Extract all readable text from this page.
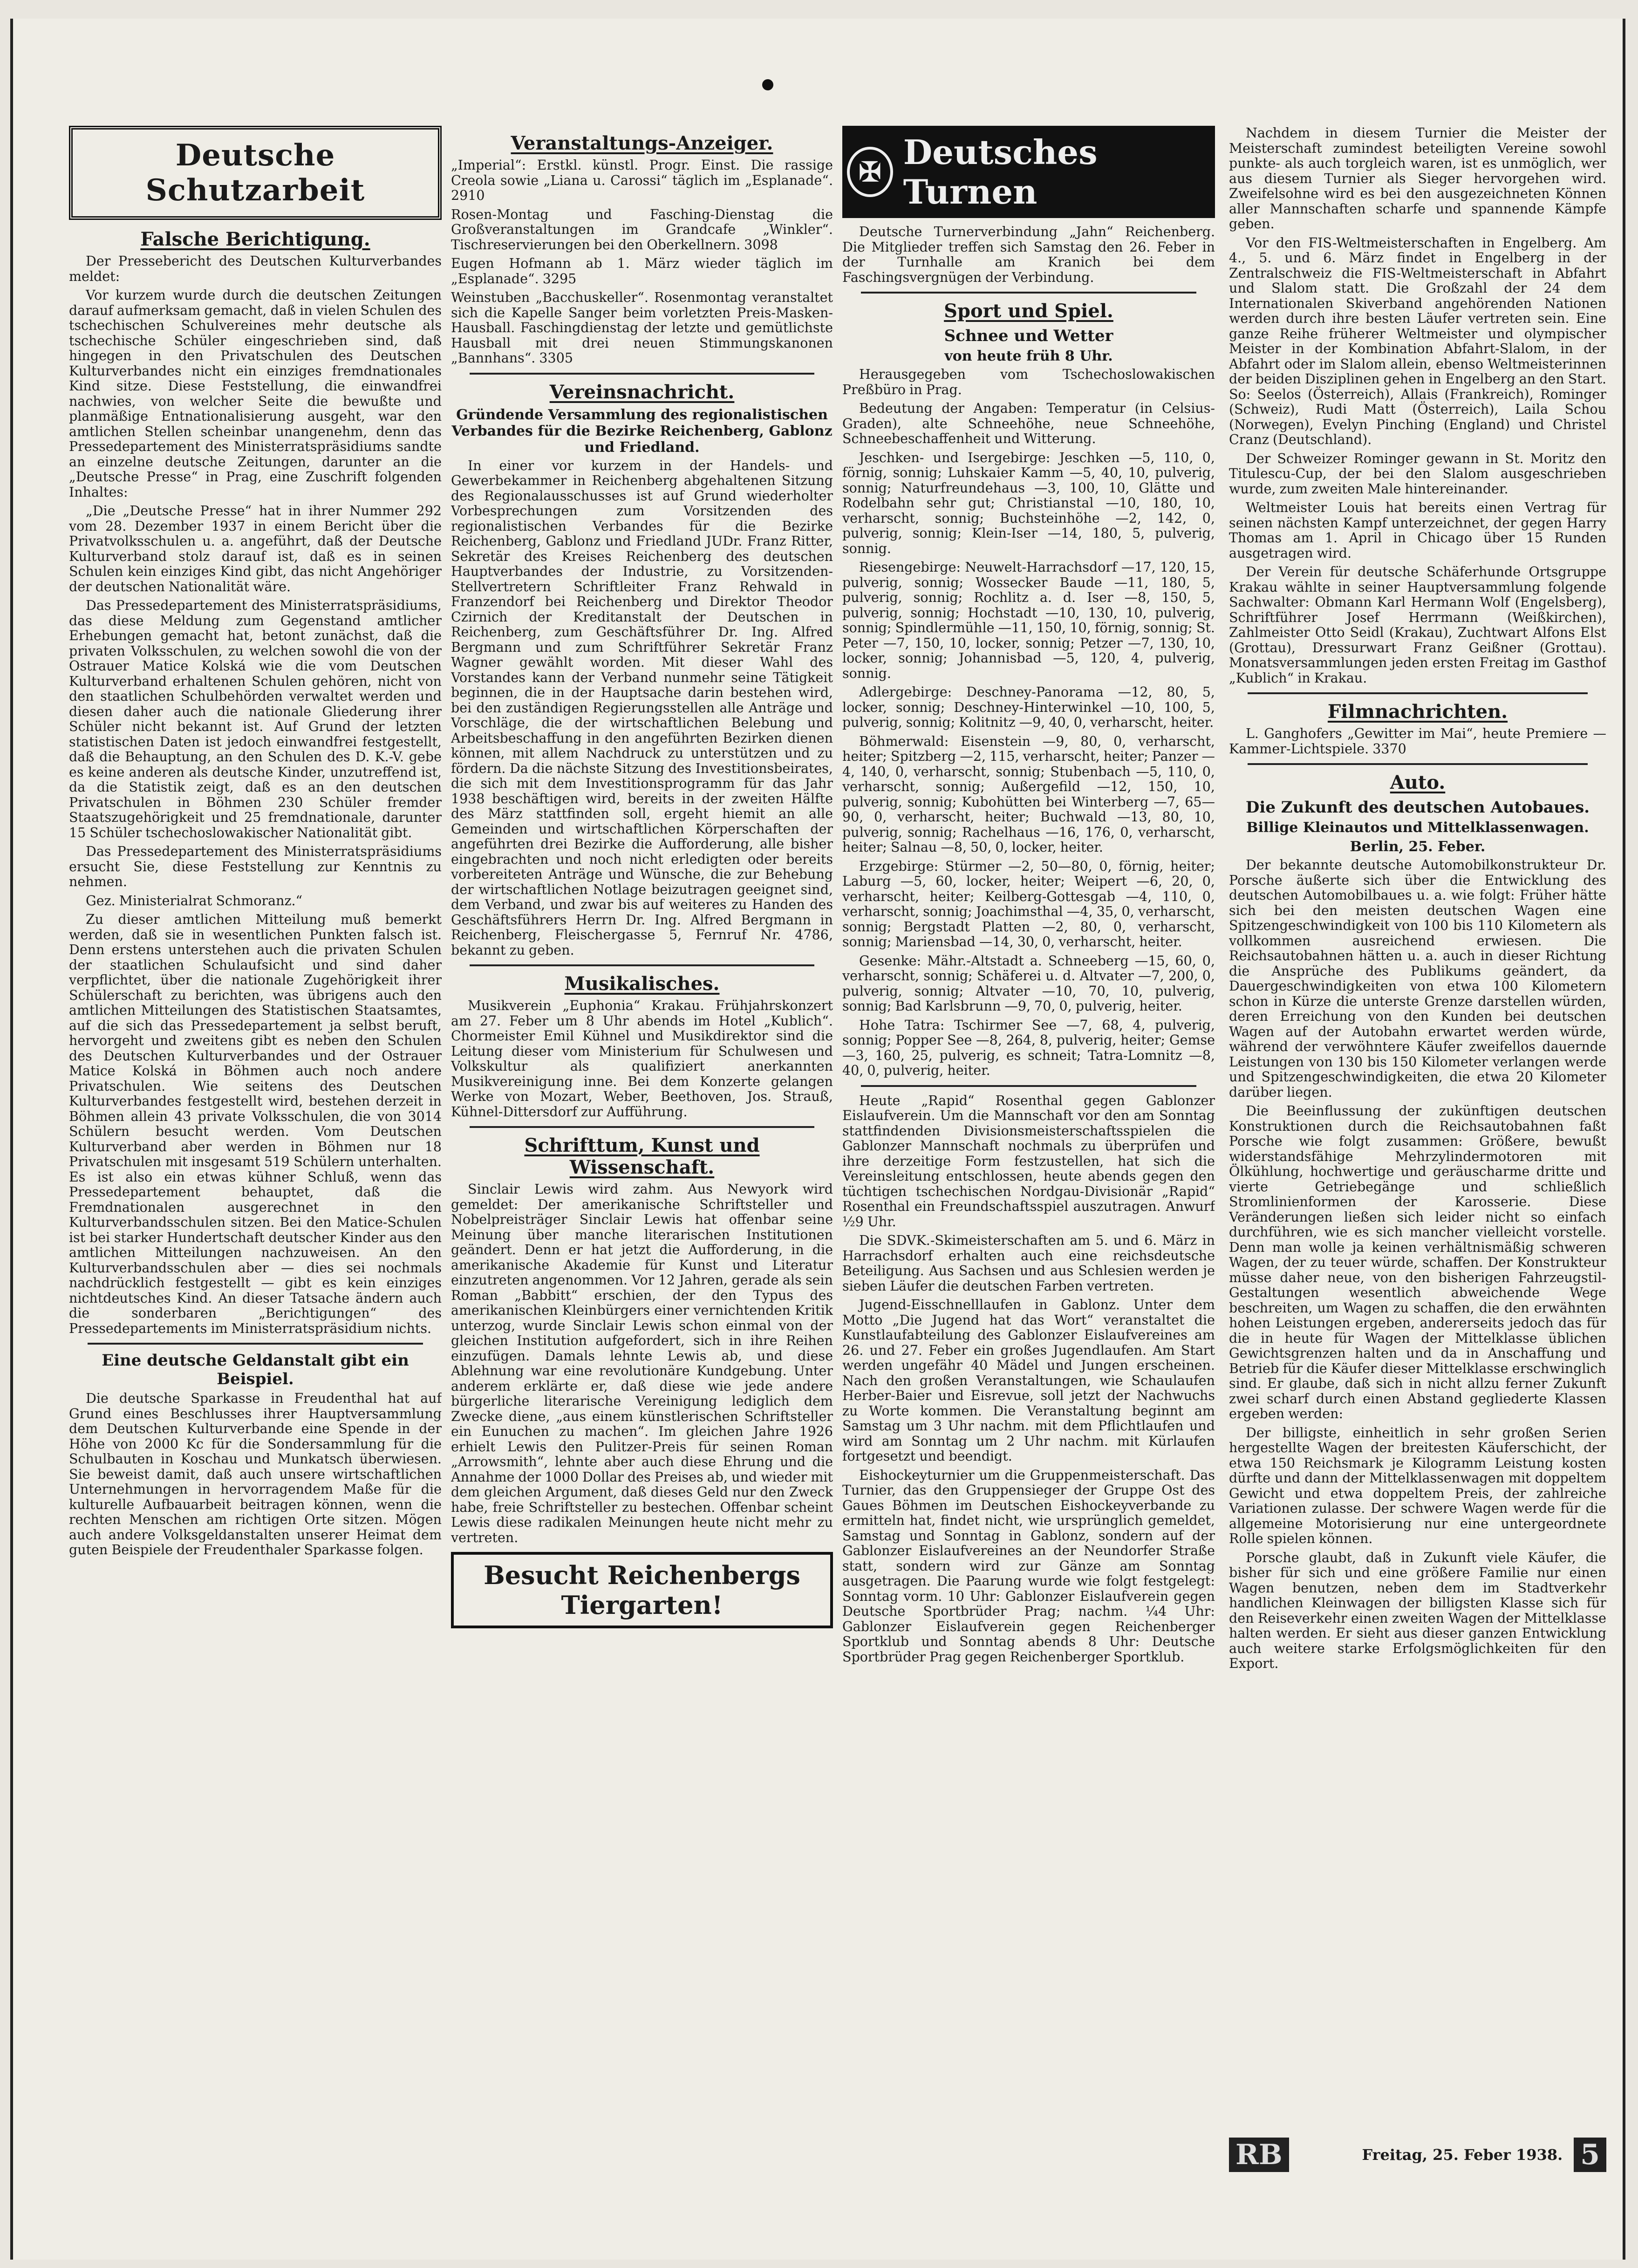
Deutsche Schutzarbeit
Falsche Berichtigung.

Der Pressebericht des Deutschen Kulturverbandes meldet:

Vor kurzem wurde durch die deutschen Zeitungen darauf aufmerksam gemacht, daß in vielen Schulen des tschechischen Schulvereines mehr deutsche als tschechische Schüler eingeschrieben sind, daß hingegen in den Privatschulen des Deutschen Kulturverbandes nicht ein einziges fremdnationales Kind sitze. Diese Feststellung, die einwandfrei nachwies, von welcher Seite die bewußte und planmäßige Entnationalisierung ausgeht, war den amtlichen Stellen scheinbar unangenehm, denn das Pressedepartement des Ministerratspräsidiums sandte an einzelne deutsche Zeitungen, darunter an die „Deutsche Presse“ in Prag, eine Zuschrift folgenden Inhaltes:

„Die „Deutsche Presse“ hat in ihrer Nummer 292 vom 28. Dezember 1937 in einem Bericht über die Privatvolksschulen u. a. angeführt, daß der Deutsche Kulturverband stolz darauf ist, daß es in seinen Schulen kein einziges Kind gibt, das nicht Angehöriger der deutschen Nationalität wäre.

Das Pressedepartement des Ministerratspräsidiums, das diese Meldung zum Gegenstand amtlicher Erhebungen gemacht hat, betont zunächst, daß die privaten Volksschulen, zu welchen sowohl die von der Ostrauer Matice Kolská wie die vom Deutschen Kulturverband erhaltenen Schulen gehören, nicht von den staatlichen Schulbehörden verwaltet werden und diesen daher auch die nationale Gliederung ihrer Schüler nicht bekannt ist. Auf Grund der letzten statistischen Daten ist jedoch einwandfrei festgestellt, daß die Behauptung, an den Schulen des D. K.-V. gebe es keine anderen als deutsche Kinder, unzutreffend ist, da die Statistik zeigt, daß es an den deutschen Privatschulen in Böhmen 230 Schüler fremder Staatszugehörigkeit und 25 fremdnationale, darunter 15 Schüler tschechoslowakischer Nationalität gibt.

Das Pressedepartement des Ministerratspräsidiums ersucht Sie, diese Feststellung zur Kenntnis zu nehmen.

Gez. Ministerialrat Schmoranz.“

Zu dieser amtlichen Mitteilung muß bemerkt werden, daß sie in wesentlichen Punkten falsch ist. Denn erstens unterstehen auch die privaten Schulen der staatlichen Schulaufsicht und sind daher verpflichtet, über die nationale Zugehörigkeit ihrer Schülerschaft zu berichten, was übrigens auch den amtlichen Mitteilungen des Statistischen Staatsamtes, auf die sich das Pressedepartement ja selbst beruft, hervorgeht und zweitens gibt es neben den Schulen des Deutschen Kulturverbandes und der Ostrauer Matice Kolská in Böhmen auch noch andere Privatschulen. Wie seitens des Deutschen Kulturverbandes festgestellt wird, bestehen derzeit in Böhmen allein 43 private Volksschulen, die von 3014 Schülern besucht werden. Vom Deutschen Kulturverband aber werden in Böhmen nur 18 Privatschulen mit insgesamt 519 Schülern unterhalten. Es ist also ein etwas kühner Schluß, wenn das Pressedepartement behauptet, daß die Fremdnationalen ausgerechnet in den Kulturverbandsschulen sitzen. Bei den Matice-Schulen ist bei starker Hundertschaft deutscher Kinder aus den amtlichen Mitteilungen nachzuweisen. An den Kulturverbandsschulen aber — dies sei nochmals nachdrücklich festgestellt — gibt es kein einziges nichtdeutsches Kind. An dieser Tatsache ändern auch die sonderbaren „Berichtigungen“ des Pressedepartements im Ministerratspräsidium nichts.

Eine deutsche Geldanstalt gibt ein Beispiel.

Die deutsche Sparkasse in Freudenthal hat auf Grund eines Beschlusses ihrer Hauptversammlung dem Deutschen Kulturverbande eine Spende in der Höhe von 2000 Kc für die Sondersammlung für die Schulbauten in Koschau und Munkatsch überwiesen. Sie beweist damit, daß auch unsere wirtschaftlichen Unternehmungen in hervorragendem Maße für die kulturelle Aufbauarbeit beitragen können, wenn die rechten Menschen am richtigen Orte sitzen. Mögen auch andere Volksgeldanstalten unserer Heimat dem guten Beispiele der Freudenthaler Sparkasse folgen.

Veranstaltungs-Anzeiger.

„Imperial“: Erstkl. künstl. Progr. Einst. Die rassige Creola sowie „Liana u. Carossi“ täglich im „Esplanade“. 2910

Rosen-Montag und Fasching-Dienstag die Großveranstaltungen im Grandcafe „Winkler“. Tischreservierungen bei den Oberkellnern. 3098

Eugen Hofmann ab 1. März wieder täglich im „Esplanade“. 3295

Weinstuben „Bacchuskeller“. Rosenmontag veranstaltet sich die Kapelle Sanger beim vorletzten Preis-Masken-Hausball. Faschingdienstag der letzte und gemütlichste Hausball mit drei neuen Stimmungskanonen „Bannhans“. 3305

Vereinsnachricht.
Gründende Versammlung des regionalistischen Verbandes für die Bezirke Reichenberg, Gablonz und Friedland.

In einer vor kurzem in der Handels- und Gewerbekammer in Reichenberg abgehaltenen Sitzung des Regionalausschusses ist auf Grund wiederholter Vorbesprechungen zum Vorsitzenden des regionalistischen Verbandes für die Bezirke Reichenberg, Gablonz und Friedland JUDr. Franz Ritter, Sekretär des Kreises Reichenberg des deutschen Hauptverbandes der Industrie, zu Vorsitzenden-Stellvertretern Schriftleiter Franz Rehwald in Franzendorf bei Reichenberg und Direktor Theodor Czirnich der Kreditanstalt der Deutschen in Reichenberg, zum Geschäftsführer Dr. Ing. Alfred Bergmann und zum Schriftführer Sekretär Franz Wagner gewählt worden. Mit dieser Wahl des Vorstandes kann der Verband nunmehr seine Tätigkeit beginnen, die in der Hauptsache darin bestehen wird, bei den zuständigen Regierungsstellen alle Anträge und Vorschläge, die der wirtschaftlichen Belebung und Arbeitsbeschaffung in den angeführten Bezirken dienen können, mit allem Nachdruck zu unterstützen und zu fördern. Da die nächste Sitzung des Investitionsbeirates, die sich mit dem Investitionsprogramm für das Jahr 1938 beschäftigen wird, bereits in der zweiten Hälfte des März stattfinden soll, ergeht hiemit an alle Gemeinden und wirtschaftlichen Körperschaften der angeführten drei Bezirke die Aufforderung, alle bisher eingebrachten und noch nicht erledigten oder bereits vorbereiteten Anträge und Wünsche, die zur Behebung der wirtschaftlichen Notlage beizutragen geeignet sind, dem Verband, und zwar bis auf weiteres zu Handen des Geschäftsführers Herrn Dr. Ing. Alfred Bergmann in Reichenberg, Fleischergasse 5, Fernruf Nr. 4786, bekannt zu geben.

Musikalisches.

Musikverein „Euphonia“ Krakau. Frühjahrskonzert am 27. Feber um 8 Uhr abends im Hotel „Kublich“. Chormeister Emil Kühnel und Musikdirektor sind die Leitung dieser vom Ministerium für Schulwesen und Volkskultur als qualifiziert anerkannten Musikvereinigung inne. Bei dem Konzerte gelangen Werke von Mozart, Weber, Beethoven, Jos. Strauß, Kühnel-Dittersdorf zur Aufführung.

Schrifttum, Kunst und Wissenschaft.

Sinclair Lewis wird zahm. Aus Newyork wird gemeldet: Der amerikanische Schriftsteller und Nobelpreisträger Sinclair Lewis hat offenbar seine Meinung über manche literarischen Institutionen geändert. Denn er hat jetzt die Aufforderung, in die amerikanische Akademie für Kunst und Literatur einzutreten angenommen. Vor 12 Jahren, gerade als sein Roman „Babbitt“ erschien, der den Typus des amerikanischen Kleinbürgers einer vernichtenden Kritik unterzog, wurde Sinclair Lewis schon einmal von der gleichen Institution aufgefordert, sich in ihre Reihen einzufügen. Damals lehnte Lewis ab, und diese Ablehnung war eine revolutionäre Kundgebung. Unter anderem erklärte er, daß diese wie jede andere bürgerliche literarische Vereinigung lediglich dem Zwecke diene, „aus einem künstlerischen Schriftsteller ein Eunuchen zu machen“. Im gleichen Jahre 1926 erhielt Lewis den Pulitzer-Preis für seinen Roman „Arrowsmith“, lehnte aber auch diese Ehrung und die Annahme der 1000 Dollar des Preises ab, und wieder mit dem gleichen Argument, daß dieses Geld nur den Zweck habe, freie Schriftsteller zu bestechen. Offenbar scheint Lewis diese radikalen Meinungen heute nicht mehr zu vertreten.

Besucht Reichenbergs Tiergarten!
✠ Deutsches Turnen

Deutsche Turnerverbindung „Jahn“ Reichenberg. Die Mitglieder treffen sich Samstag den 26. Feber in der Turnhalle am Kranich bei dem Faschingsvergnügen der Verbindung.

Sport und Spiel.
Schnee und Wetter
von heute früh 8 Uhr.

Herausgegeben vom Tschechoslowakischen Preßbüro in Prag.

Bedeutung der Angaben: Temperatur (in Celsius-Graden), alte Schneehöhe, neue Schneehöhe, Schneebeschaffenheit und Witterung.

Jeschken- und Isergebirge: Jeschken —5, 110, 0, förnig, sonnig; Luhskaier Kamm —5, 40, 10, pulverig, sonnig; Naturfreundehaus —3, 100, 10, Glätte und Rodelbahn sehr gut; Christianstal —10, 180, 10, verharscht, sonnig; Buchsteinhöhe —2, 142, 0, pulverig, sonnig; Klein-Iser —14, 180, 5, pulverig, sonnig.

Riesengebirge: Neuwelt-Harrachsdorf —17, 120, 15, pulverig, sonnig; Wossecker Baude —11, 180, 5, pulverig, sonnig; Rochlitz a. d. Iser —8, 150, 5, pulverig, sonnig; Hochstadt —10, 130, 10, pulverig, sonnig; Spindlermühle —11, 150, 10, förnig, sonnig; St. Peter —7, 150, 10, locker, sonnig; Petzer —7, 130, 10, locker, sonnig; Johannisbad —5, 120, 4, pulverig, sonnig.

Adlergebirge: Deschney-Panorama —12, 80, 5, locker, sonnig; Deschney-Hinterwinkel —10, 100, 5, pulverig, sonnig; Kolitnitz —9, 40, 0, verharscht, heiter.

Böhmerwald: Eisenstein —9, 80, 0, verharscht, heiter; Spitzberg —2, 115, verharscht, heiter; Panzer —4, 140, 0, verharscht, sonnig; Stubenbach —5, 110, 0, verharscht, sonnig; Außergefild —12, 150, 10, pulverig, sonnig; Kubohütten bei Winterberg —7, 65—90, 0, verharscht, heiter; Buchwald —13, 80, 10, pulverig, sonnig; Rachelhaus —16, 176, 0, verharscht, heiter; Salnau —8, 50, 0, locker, heiter.

Erzgebirge: Stürmer —2, 50—80, 0, förnig, heiter; Laburg —5, 60, locker, heiter; Weipert —6, 20, 0, verharscht, heiter; Keilberg-Gottesgab —4, 110, 0, verharscht, sonnig; Joachimsthal —4, 35, 0, verharscht, sonnig; Bergstadt Platten —2, 80, 0, verharscht, sonnig; Mariensbad —14, 30, 0, verharscht, heiter.

Gesenke: Mähr.-Altstadt a. Schneeberg —15, 60, 0, verharscht, sonnig; Schäferei u. d. Altvater —7, 200, 0, pulverig, sonnig; Altvater —10, 70, 10, pulverig, sonnig; Bad Karlsbrunn —9, 70, 0, pulverig, heiter.

Hohe Tatra: Tschirmer See —7, 68, 4, pulverig, sonnig; Popper See —8, 264, 8, pulverig, heiter; Gemse —3, 160, 25, pulverig, es schneit; Tatra-Lomnitz —8, 40, 0, pulverig, heiter.

Heute „Rapid“ Rosenthal gegen Gablonzer Eislaufverein. Um die Mannschaft vor den am Sonntag stattfindenden Divisionsmeisterschaftsspielen die Gablonzer Mannschaft nochmals zu überprüfen und ihre derzeitige Form festzustellen, hat sich die Vereinsleitung entschlossen, heute abends gegen den tüchtigen tschechischen Nordgau-Divisionär „Rapid“ Rosenthal ein Freundschaftsspiel auszutragen. Anwurf ½9 Uhr.

Die SDVK.-Skimeisterschaften am 5. und 6. März in Harrachsdorf erhalten auch eine reichsdeutsche Beteiligung. Aus Sachsen und aus Schlesien werden je sieben Läufer die deutschen Farben vertreten.

Jugend-Eisschnelllaufen in Gablonz. Unter dem Motto „Die Jugend hat das Wort“ veranstaltet die Kunstlaufabteilung des Gablonzer Eislaufvereines am 26. und 27. Feber ein großes Jugendlaufen. Am Start werden ungefähr 40 Mädel und Jungen erscheinen. Nach den großen Veranstaltungen, wie Schaulaufen Herber-Baier und Eisrevue, soll jetzt der Nachwuchs zu Worte kommen. Die Veranstaltung beginnt am Samstag um 3 Uhr nachm. mit dem Pflichtlaufen und wird am Sonntag um 2 Uhr nachm. mit Kürlaufen fortgesetzt und beendigt.

Eishockeyturnier um die Gruppenmeisterschaft. Das Turnier, das den Gruppensieger der Gruppe Ost des Gaues Böhmen im Deutschen Eishockeyverbande zu ermitteln hat, findet nicht, wie ursprünglich gemeldet, Samstag und Sonntag in Gablonz, sondern auf der Gablonzer Eislaufvereines an der Neundorfer Straße statt, sondern wird zur Gänze am Sonntag ausgetragen. Die Paarung wurde wie folgt festgelegt: Sonntag vorm. 10 Uhr: Gablonzer Eislaufverein gegen Deutsche Sportbrüder Prag; nachm. ¼4 Uhr: Gablonzer Eislaufverein gegen Reichenberger Sportklub und Sonntag abends 8 Uhr: Deutsche Sportbrüder Prag gegen Reichenberger Sportklub.

Nachdem in diesem Turnier die Meister der Meisterschaft zumindest beteiligten Vereine sowohl punkte- als auch torgleich waren, ist es unmöglich, wer aus diesem Turnier als Sieger hervorgehen wird. Zweifelsohne wird es bei den ausgezeichneten Können aller Mannschaften scharfe und spannende Kämpfe geben.

Vor den FIS-Weltmeisterschaften in Engelberg. Am 4., 5. und 6. März findet in Engelberg in der Zentralschweiz die FIS-Weltmeisterschaft in Abfahrt und Slalom statt. Die Großzahl der 24 dem Internationalen Skiverband angehörenden Nationen werden durch ihre besten Läufer vertreten sein. Eine ganze Reihe früherer Weltmeister und olympischer Meister in der Kombination Abfahrt-Slalom, in der Abfahrt oder im Slalom allein, ebenso Weltmeisterinnen der beiden Disziplinen gehen in Engelberg an den Start. So: Seelos (Österreich), Allais (Frankreich), Rominger (Schweiz), Rudi Matt (Österreich), Laila Schou (Norwegen), Evelyn Pinching (England) und Christel Cranz (Deutschland).

Der Schweizer Rominger gewann in St. Moritz den Titulescu-Cup, der bei den Slalom ausgeschrieben wurde, zum zweiten Male hintereinander.

Weltmeister Louis hat bereits einen Vertrag für seinen nächsten Kampf unterzeichnet, der gegen Harry Thomas am 1. April in Chicago über 15 Runden ausgetragen wird.

Der Verein für deutsche Schäferhunde Ortsgruppe Krakau wählte in seiner Hauptversammlung folgende Sachwalter: Obmann Karl Hermann Wolf (Engelsberg), Schriftführer Josef Herrmann (Weißkirchen), Zahlmeister Otto Seidl (Krakau), Zuchtwart Alfons Elst (Grottau), Dressurwart Franz Geißner (Grottau). Monatsversammlungen jeden ersten Freitag im Gasthof „Kublich“ in Krakau.

Filmnachrichten.

L. Ganghofers „Gewitter im Mai“, heute Premiere — Kammer-Lichtspiele. 3370

Auto.
Die Zukunft des deutschen Autobaues.
Billige Kleinautos und Mittelklassenwagen.
Berlin, 25. Feber.

Der bekannte deutsche Automobilkonstrukteur Dr. Porsche äußerte sich über die Entwicklung des deutschen Automobilbaues u. a. wie folgt: Früher hätte sich bei den meisten deutschen Wagen eine Spitzengeschwindigkeit von 100 bis 110 Kilometern als vollkommen ausreichend erwiesen. Die Reichsautobahnen hätten u. a. auch in dieser Richtung die Ansprüche des Publikums geändert, da Dauergeschwindigkeiten von etwa 100 Kilometern schon in Kürze die unterste Grenze darstellen würden, deren Erreichung von den Kunden bei deutschen Wagen auf der Autobahn erwartet werden würde, während der verwöhntere Käufer zweifellos dauernde Leistungen von 130 bis 150 Kilometer verlangen werde und Spitzengeschwindigkeiten, die etwa 20 Kilometer darüber liegen.

Die Beeinflussung der zukünftigen deutschen Konstruktionen durch die Reichsautobahnen faßt Porsche wie folgt zusammen: Größere, bewußt widerstandsfähige Mehrzylindermotoren mit Ölkühlung, hochwertige und geräuscharme dritte und vierte Getriebegänge und schließlich Stromlinienformen der Karosserie. Diese Veränderungen ließen sich leider nicht so einfach durchführen, wie es sich mancher vielleicht vorstelle. Denn man wolle ja keinen verhältnismäßig schweren Wagen, der zu teuer würde, schaffen. Der Konstrukteur müsse daher neue, von den bisherigen Fahrzeugstil-Gestaltungen wesentlich abweichende Wege beschreiten, um Wagen zu schaffen, die den erwähnten hohen Leistungen ergeben, andererseits jedoch das für die in heute für Wagen der Mittelklasse üblichen Gewichtsgrenzen halten und da in Anschaffung und Betrieb für die Käufer dieser Mittelklasse erschwinglich sind. Er glaube, daß sich in nicht allzu ferner Zukunft zwei scharf durch einen Abstand gegliederte Klassen ergeben werden:

Der billigste, einheitlich in sehr großen Serien hergestellte Wagen der breitesten Käuferschicht, der etwa 150 Reichsmark je Kilogramm Leistung kosten dürfte und dann der Mittelklassenwagen mit doppeltem Gewicht und etwa doppeltem Preis, der zahlreiche Variationen zulasse. Der schwere Wagen werde für die allgemeine Motorisierung nur eine untergeordnete Rolle spielen können.

Porsche glaubt, daß in Zukunft viele Käufer, die bisher für sich und eine größere Familie nur einen Wagen benutzen, neben dem im Stadtverkehr handlichen Kleinwagen der billigsten Klasse sich für den Reiseverkehr einen zweiten Wagen der Mittelklasse halten werden. Er sieht aus dieser ganzen Entwicklung auch weitere starke Erfolgsmöglichkeiten für den Export.

RB	Freitag, 25. Feber 1938. 5
